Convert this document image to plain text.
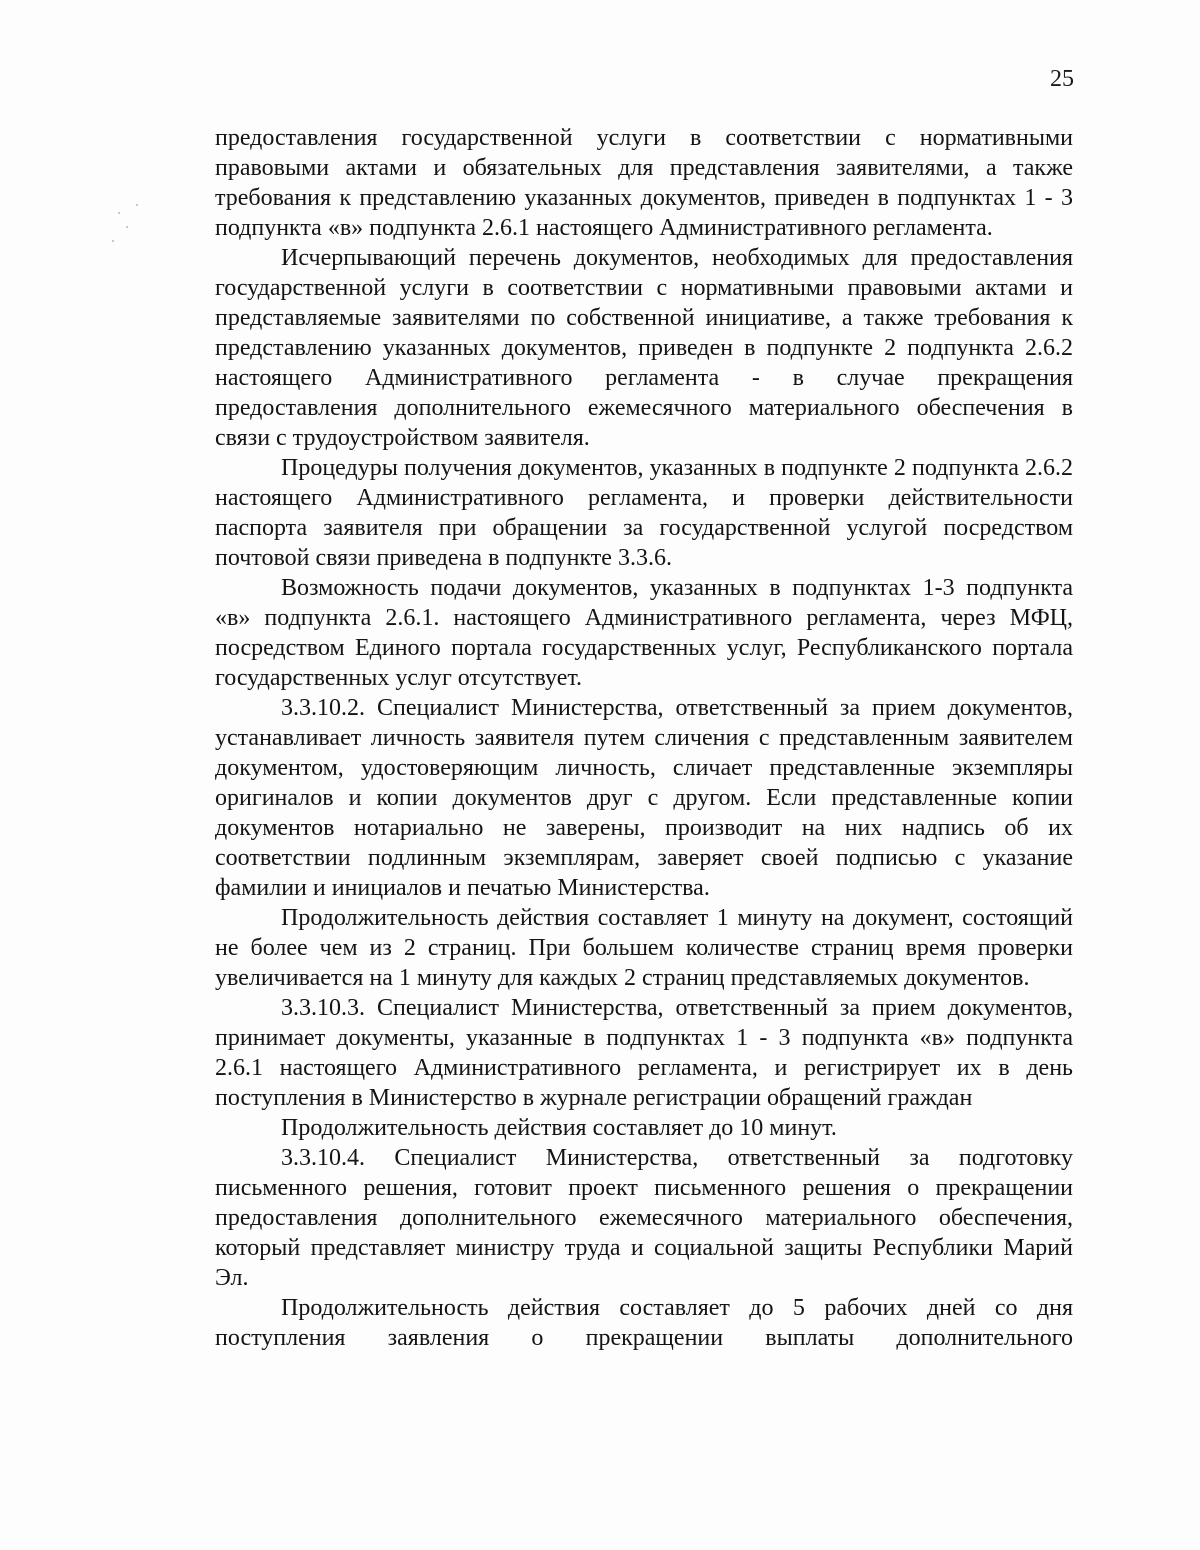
25

предоставления государственной услуги в соответствии с нормативными правовыми актами и обязательных для представления заявителями, а также требования к представлению указанных документов, приведен в подпунктах 1 - 3 подпункта «в» подпункта 2.6.1 настоящего Административного регламента.

Исчерпывающий перечень документов, необходимых для предоставления государственной услуги в соответствии с нормативными правовыми актами и представляемые заявителями по собственной инициативе, а также требования к представлению указанных документов, приведен в подпункте 2 подпункта 2.6.2 настоящего Административного регламента - в случае прекращения предоставления дополнительного ежемесячного материального обеспечения в связи с трудоустройством заявителя.

Процедуры получения документов, указанных в подпункте 2 подпункта 2.6.2 настоящего Административного регламента, и проверки действительности паспорта заявителя при обращении за государственной услугой посредством почтовой связи приведена в подпункте 3.3.6.

Возможность подачи документов, указанных в подпунктах 1-3 подпункта «в» подпункта 2.6.1. настоящего Административного регламента, через МФЦ, посредством Единого портала государственных услуг, Республиканского портала государственных услуг отсутствует.

3.3.10.2. Специалист Министерства, ответственный за прием документов, устанавливает личность заявителя путем сличения с представленным заявителем документом, удостоверяющим личность, сличает представленные экземпляры оригиналов и копии документов друг с другом. Если представленные копии документов нотариально не заверены, производит на них надпись об их соответствии подлинным экземплярам, заверяет своей подписью с указание фамилии и инициалов и печатью Министерства.

Продолжительность действия составляет 1 минуту на документ, состоящий не более чем из 2 страниц. При большем количестве страниц время проверки увеличивается на 1 минуту для каждых 2 страниц представляемых документов.

3.3.10.3. Специалист Министерства, ответственный за прием документов, принимает документы, указанные в подпунктах 1 - 3 подпункта «в» подпункта 2.6.1 настоящего Административного регламента, и регистрирует их в день поступления в Министерство в журнале регистрации обращений граждан

Продолжительность действия составляет до 10 минут.

3.3.10.4. Специалист Министерства, ответственный за подготовку письменного решения, готовит проект письменного решения о прекращении предоставления дополнительного ежемесячного материального обеспечения, который представляет министру труда и социальной защиты Республики Марий Эл.

Продолжительность действия составляет до 5 рабочих дней со дня поступления заявления о прекращении выплаты дополнительного
